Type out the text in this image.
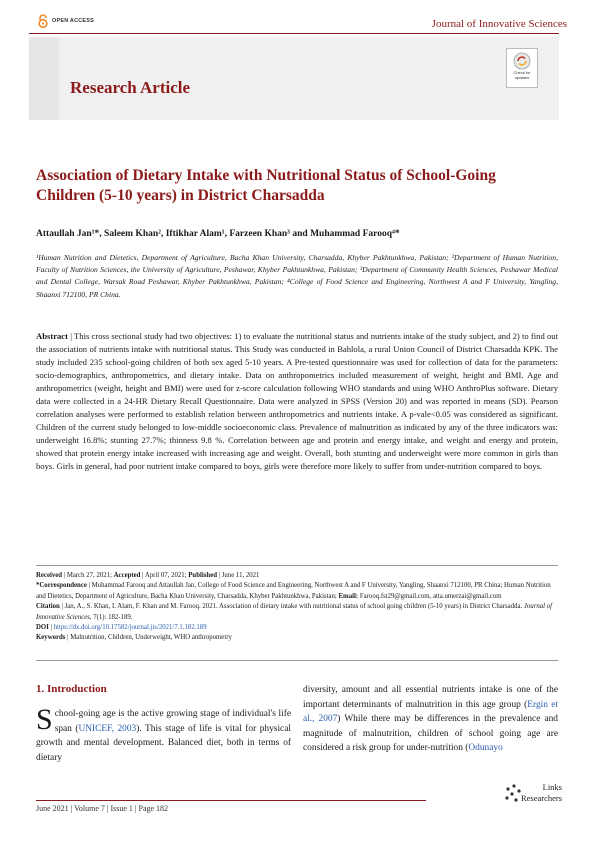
OPEN ACCESS	Journal of Innovative Sciences
Research Article
Check for updates
Association of Dietary Intake with Nutritional Status of School-Going Children (5-10 years) in District Charsadda
Attaullah Jan¹*, Saleem Khan², Iftikhar Alam¹, Farzeen Khan³ and Muhammad Farooq⁴*
¹Human Nutrition and Dietetics, Department of Agriculture, Bacha Khan University, Charsadda, Khyber Pakhtunkhwa, Pakistan; ²Department of Human Nutrition, Faculty of Nutrition Sciences, the University of Agriculture, Peshawar, Khyber Pakhtunkhwa, Pakistan; ³Department of Community Health Sciences, Peshawar Medical and Dental College, Warsak Road Peshawar, Khyber Pakhtunkhwa, Pakistan; ⁴College of Food Science and Engineering, Northwest A and F University, Yangling, Shaanxi 712100, PR China.
Abstract | This cross sectional study had two objectives: 1) to evaluate the nutritional status and nutrients intake of the study subject, and 2) to find out the association of nutrients intake with nutritional status. This Study was conducted in Bahlola, a rural Union Council of District Charsadda KPK. The study included 235 school-going children of both sex aged 5-10 years. A Pre-tested questionnaire was used for collection of data for the parameters: socio-demographics, anthropometrics, and dietary intake. Data on anthropometrics included measurement of weight, height and BMI. Age and anthropometrics (weight, height and BMI) were used for z-score calculation following WHO standards and using WHO AnthroPlus software. Dietary data were collected in a 24-HR Dietary Recall Questionnaire. Data were analyzed in SPSS (Version 20) and was reported in means (SD). Pearson correlation analyses were performed to establish relation between anthropometrics and nutrients intake. A p-vale<0.05 was considered as significant. Children of the current study belonged to low-middle socioeconomic class. Prevalence of malnutrition as indicated by any of the three indicators was: underweight 16.8%; stunting 27.7%; thinness 9.8 %. Correlation between age and protein and energy intake, and weight and energy and protein, showed that protein energy intake increased with increasing age and weight. Overall, both stunting and underweight were more common in girls than boys. Girls in general, had poor nutrient intake compared to boys, girls were therefore more likely to suffer from under-nutrition compared to boys.
Received | March 27, 2021; Accepted | April 07, 2021; Published | June 11, 2021
*Correspondence | Muhammad Farooq and Attaullah Jan, College of Food Science and Engineering, Northwest A and F University, Yangling, Shaanxi 712100, PR China; Human Nutrition and Dietetics, Department of Agriculture, Bacha Khan University, Charsadda, Khyber Pakhtunkhwa, Pakistan; Email: Farooq.fst29@gmail.com, atta.umerzai@gmail.com
Citation | Jan, A., S. Khan, I. Alam, F. Khan and M. Farooq. 2021. Association of dietary intake with nutritional status of school going children (5-10 years) in District Charsadda. Journal of Innovative Sciences, 7(1): 182-189.
DOI | https://dx.doi.org/10.17582/journal.jis/2021/7.1.182.189
Keywords | Malnutrition, Children, Underweight, WHO anthropometry
1. Introduction

School-going age is the active growing stage of individual's life span (UNICEF, 2003). This stage of life is vital for physical growth and mental development. Balanced diet, both in terms of dietary

diversity, amount and all essential nutrients intake is one of the important determinants of malnutrition in this age group (Ergin et al., 2007) While there may be differences in the prevalence and magnitude of malnutrition, children of school going age are considered a risk group for under-nutrition (Odunayo

June 2021 | Volume 7 | Issue 1 | Page 182
Links
Researchers
